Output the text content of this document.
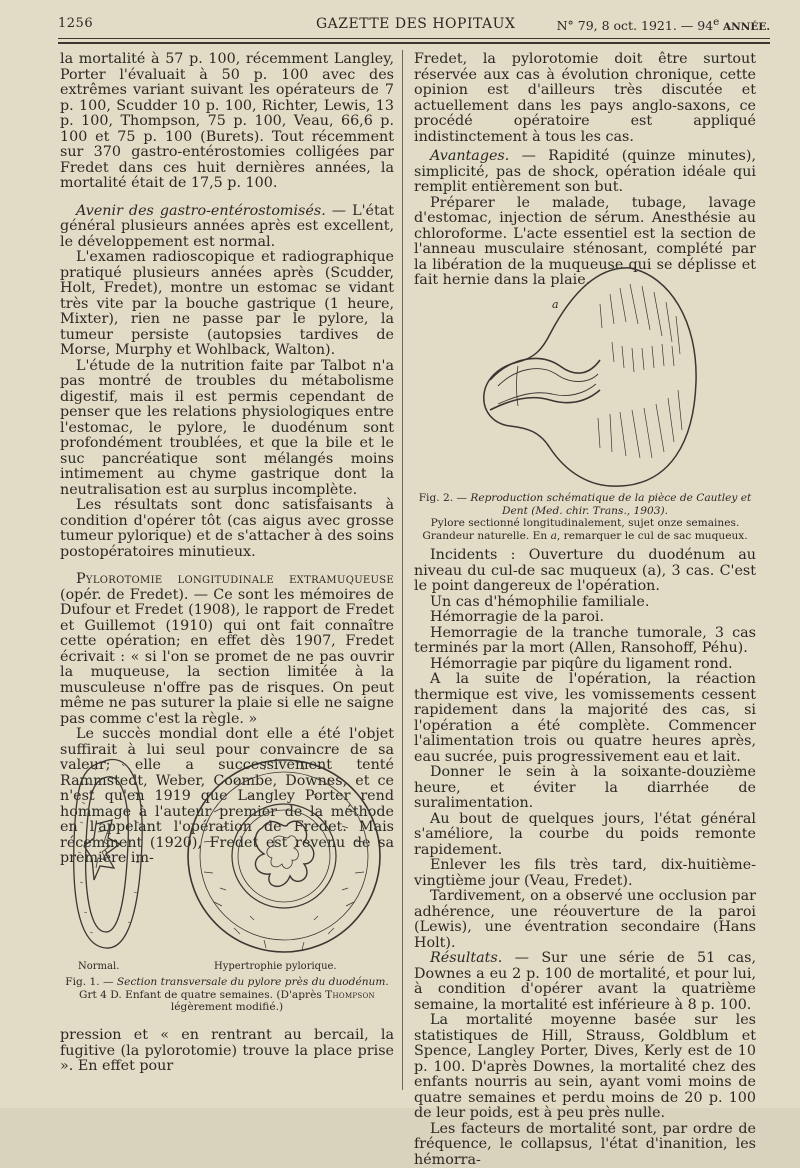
1256	GAZETTE DES HOPITAUX	N° 79, 8 oct. 1921. — 94e ANNÉE.

la mortalité à 57 p. 100, récemment Langley, Porter l'évaluait à 50 p. 100 avec des extrêmes variant suivant les opérateurs de 7 p. 100, Scudder 10 p. 100, Richter, Lewis, 13 p. 100, Thompson, 75 p. 100, Veau, 66,6 p. 100 et 75 p. 100 (Burets). Tout récemment sur 370 gastro-entérostomies colligées par Fredet dans ces huit dernières années, la mortalité était de 17,5 p. 100.

Avenir des gastro-entérostomisés. — L'état général plusieurs années après est excellent, le développement est normal.

L'examen radioscopique et radiographique pratiqué plusieurs années après (Scudder, Holt, Fredet), montre un estomac se vidant très vite par la bouche gastrique (1 heure, Mixter), rien ne passe par le pylore, la tumeur persiste (autopsies tardives de Morse, Murphy et Wohlback, Walton).

L'étude de la nutrition faite par Talbot n'a pas montré de troubles du métabolisme digestif, mais il est permis cependant de penser que les relations physiologiques entre l'estomac, le pylore, le duodénum sont profondément troublées, et que la bile et le suc pancréatique sont mélangés moins intimement au chyme gastrique dont la neutralisation est au surplus incomplète.

Les résultats sont donc satisfaisants à condition d'opérer tôt (cas aigus avec grosse tumeur pylorique) et de s'attacher à des soins postopératoires minutieux.

Pylorotomie longitudinale extramuqueuse (opér. de Fredet). — Ce sont les mémoires de Dufour et Fredet (1908), le rapport de Fredet et Guillemot (1910) qui ont fait connaître cette opération; en effet dès 1907, Fredet écrivait : « si l'on se promet de ne pas ouvrir la muqueuse, la section limitée à la musculeuse n'offre pas de risques. On peut même ne pas suturer la plaie si elle ne saigne pas comme c'est la règle. »

Le succès mondial dont elle a été l'objet suffirait à lui seul pour convaincre de sa valeur; elle a successivement tenté Rammstedt, Weber, Coombe, Downes, et ce n'est qu'en 1919 que Langley Porter rend hommage à l'auteur premier de la méthode en l'appelant l'opération de Fredet. Mais récemment (1920), Fredet est revenu de sa première im-

Normal.	Hypertrophie pylorique.
Fig. 1. — Section transversale du pylore près du duodénum.
Grt 4 D. Enfant de quatre semaines. (D'après Thompson légèrement modifié.)

pression et « en rentrant au bercail, la fugitive (la pylorotomie) trouve la place prise ». En effet pour

Fredet, la pylorotomie doit être surtout réservée aux cas à évolution chronique, cette opinion est d'ailleurs très discutée et actuellement dans les pays anglo-saxons, ce procédé opératoire est appliqué indistinctement à tous les cas.

Avantages. — Rapidité (quinze minutes), simplicité, pas de shock, opération idéale qui remplit entièrement son but.

Préparer le malade, tubage, lavage d'estomac, injection de sérum. Anesthésie au chloroforme. L'acte essentiel est la section de l'anneau musculaire sténosant, complété par la libération de la muqueuse qui se déplisse et fait hernie dans la plaie.

a
Fig. 2. — Reproduction schématique de la pièce de Cautley et Dent (Med. chir. Trans., 1903).
Pylore sectionné longitudinalement, sujet onze semaines. Grandeur naturelle. En a, remarquer le cul de sac muqueux.

Incidents : Ouverture du duodénum au niveau du cul-de sac muqueux (a), 3 cas. C'est le point dangereux de l'opération.

Un cas d'hémophilie familiale.

Hémorragie de la paroi.

Hemorragie de la tranche tumorale, 3 cas terminés par la mort (Allen, Ransohoff, Péhu).

Hémorragie par piqûre du ligament rond.

A la suite de l'opération, la réaction thermique est vive, les vomissements cessent rapidement dans la majorité des cas, si l'opération a été complète. Commencer l'alimentation trois ou quatre heures après, eau sucrée, puis progressivement eau et lait.

Donner le sein à la soixante-douzième heure, et éviter la diarrhée de suralimentation.

Au bout de quelques jours, l'état général s'améliore, la courbe du poids remonte rapidement.

Enlever les fils très tard, dix-huitième-vingtième jour (Veau, Fredet).

Tardivement, on a observé une occlusion par adhérence, une réouverture de la paroi (Lewis), une éventration secondaire (Hans Holt).

Résultats. — Sur une série de 51 cas, Downes a eu 2 p. 100 de mortalité, et pour lui, à condition d'opérer avant la quatrième semaine, la mortalité est inférieure à 8 p. 100.

La mortalité moyenne basée sur les statistiques de Hill, Strauss, Goldblum et Spence, Langley Porter, Dives, Kerly est de 10 p. 100. D'après Downes, la mortalité chez des enfants nourris au sein, ayant vomi moins de quatre semaines et perdu moins de 20 p. 100 de leur poids, est à peu près nulle.

Les facteurs de mortalité sont, par ordre de fréquence, le collapsus, l'état d'inanition, les hémorra-
